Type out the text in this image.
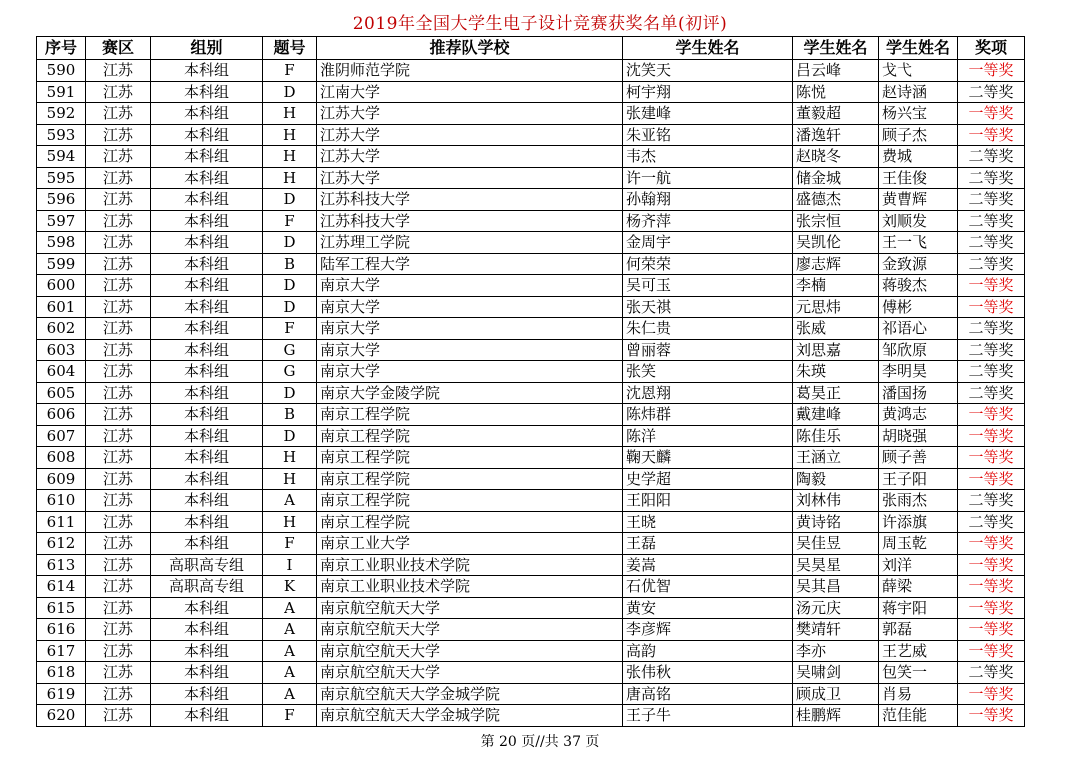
2019年全国大学生电子设计竞赛获奖名单(初评)
序号	赛区	组别	题号	推荐队学校	学生姓名	学生姓名	学生姓名	奖项
590	江苏	本科组	F	淮阴师范学院	沈笑天	吕云峰	戈弋	一等奖
591	江苏	本科组	D	江南大学	柯宇翔	陈悦	赵诗涵	二等奖
592	江苏	本科组	H	江苏大学	张建峰	董毅超	杨兴宝	一等奖
593	江苏	本科组	H	江苏大学	朱亚铭	潘逸轩	顾子杰	一等奖
594	江苏	本科组	H	江苏大学	韦杰	赵晓冬	费城	二等奖
595	江苏	本科组	H	江苏大学	许一航	储金城	王佳俊	二等奖
596	江苏	本科组	D	江苏科技大学	孙翰翔	盛德杰	黄曹辉	二等奖
597	江苏	本科组	F	江苏科技大学	杨齐萍	张宗恒	刘顺发	二等奖
598	江苏	本科组	D	江苏理工学院	金周宇	吴凯伦	王一飞	二等奖
599	江苏	本科组	B	陆军工程大学	何荣荣	廖志辉	金致源	二等奖
600	江苏	本科组	D	南京大学	吴可玉	李楠	蒋骏杰	一等奖
601	江苏	本科组	D	南京大学	张天祺	元思炜	傅彬	一等奖
602	江苏	本科组	F	南京大学	朱仁贵	张威	祁语心	二等奖
603	江苏	本科组	G	南京大学	曾丽蓉	刘思嘉	邹欣原	二等奖
604	江苏	本科组	G	南京大学	张笑	朱瑛	李明昊	二等奖
605	江苏	本科组	D	南京大学金陵学院	沈恩翔	葛昊正	潘国扬	二等奖
606	江苏	本科组	B	南京工程学院	陈炜群	戴建峰	黄鸿志	一等奖
607	江苏	本科组	D	南京工程学院	陈洋	陈佳乐	胡晓强	一等奖
608	江苏	本科组	H	南京工程学院	鞠天麟	王涵立	顾子善	一等奖
609	江苏	本科组	H	南京工程学院	史学超	陶毅	王子阳	一等奖
610	江苏	本科组	A	南京工程学院	王阳阳	刘林伟	张雨杰	二等奖
611	江苏	本科组	H	南京工程学院	王晓	黄诗铭	许添旗	二等奖
612	江苏	本科组	F	南京工业大学	王磊	吴佳昱	周玉乾	一等奖
613	江苏	高职高专组	I	南京工业职业技术学院	姜嵩	吴昊星	刘洋	一等奖
614	江苏	高职高专组	K	南京工业职业技术学院	石优智	吴其昌	薛梁	一等奖
615	江苏	本科组	A	南京航空航天大学	黄安	汤元庆	蒋宇阳	一等奖
616	江苏	本科组	A	南京航空航天大学	李彦辉	樊靖轩	郭磊	一等奖
617	江苏	本科组	A	南京航空航天大学	高韵	李亦	王艺威	一等奖
618	江苏	本科组	A	南京航空航天大学	张伟秋	吴啸剑	包笑一	二等奖
619	江苏	本科组	A	南京航空航天大学金城学院	唐高铭	顾成卫	肖易	一等奖
620	江苏	本科组	F	南京航空航天大学金城学院	王子牛	桂鹏辉	范佳能	一等奖
第 20 页//共 37 页
